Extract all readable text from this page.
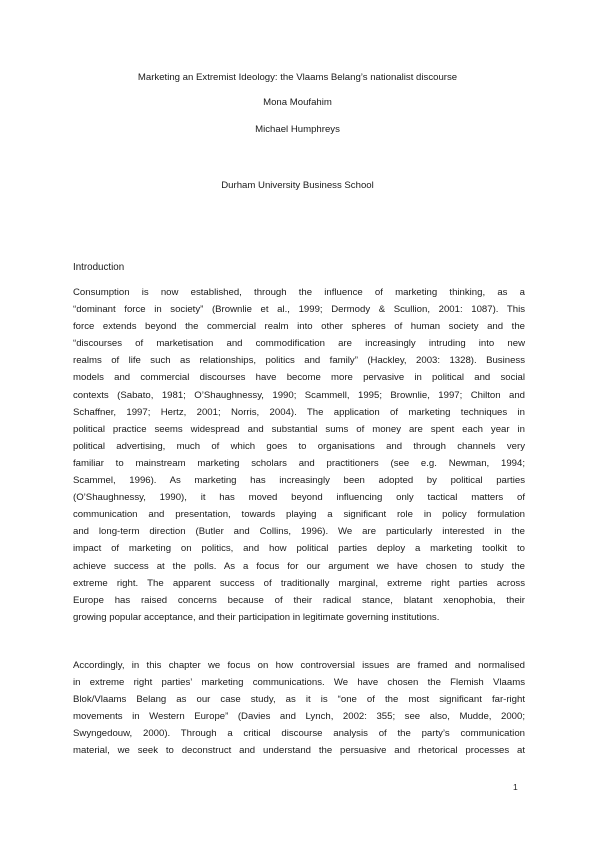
Marketing an Extremist Ideology: the Vlaams Belang’s nationalist discourse
Mona Moufahim
Michael Humphreys
Durham University Business School
Introduction
Consumption is now established, through the influence of marketing thinking, as a
“dominant force in society” (Brownlie et al., 1999; Dermody & Scullion, 2001: 1087). This
force extends beyond the commercial realm into other spheres of human society and the
“discourses of marketisation and commodification are increasingly intruding into new
realms of life such as relationships, politics and family” (Hackley, 2003: 1328). Business
models and commercial discourses have become more pervasive in political and social
contexts (Sabato, 1981; O’Shaughnessy, 1990; Scammell, 1995; Brownlie, 1997; Chilton and
Schaffner, 1997; Hertz, 2001; Norris, 2004). The application of marketing techniques in
political practice seems widespread and substantial sums of money are spent each year in
political advertising, much of which goes to organisations and through channels very
familiar to mainstream marketing scholars and practitioners (see e.g. Newman, 1994;
Scammel, 1996). As marketing has increasingly been adopted by political parties
(O’Shaughnessy, 1990), it has moved beyond influencing only tactical matters of
communication and presentation, towards playing a significant role in policy formulation
and long-term direction (Butler and Collins, 1996). We are particularly interested in the
impact of marketing on politics, and how political parties deploy a marketing toolkit to
achieve success at the polls. As a focus for our argument we have chosen to study the
extreme right. The apparent success of traditionally marginal, extreme right parties across
Europe has raised concerns because of their radical stance, blatant xenophobia, their
growing popular acceptance, and their participation in legitimate governing institutions.
Accordingly, in this chapter we focus on how controversial issues are framed and normalised
in extreme right parties’ marketing communications. We have chosen the Flemish Vlaams
Blok/Vlaams Belang as our case study, as it is “one of the most significant far-right
movements in Western Europe” (Davies and Lynch, 2002: 355; see also, Mudde, 2000;
Swyngedouw, 2000). Through a critical discourse analysis of the party’s communication
material, we seek to deconstruct and understand the persuasive and rhetorical processes at
1
